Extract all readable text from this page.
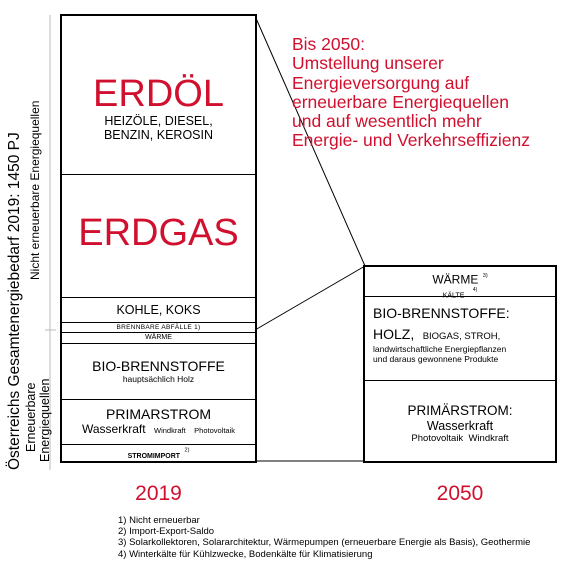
Österreichs Gesamtenergiebedarf 2019: 1450 PJ Nicht erneuerbare Energiequellen
Erneuerbare Energiequellen
ERDÖL
HEIZÖLE, DIESEL,
BENZIN, KEROSIN
ERDGAS
KOHLE, KOKS
BRENNBARE ABFÄLLE 1)
WÄRME
BIO-BRENNSTOFFE
hauptsächlich Holz
PRIMARSTROM
Wasserkraft Windkraft Photovoltaik
STROMIMPORT $^{2)}$
WÄRME $^{3)}$
KÄLTE $^{4)}$
BIO-BRENNSTOFFE:
HOLZ, BIOGAS, STROH,
landwirtschaftliche Energiepflanzen
und daraus gewonnene Produkte
PRIMÄRSTROM:
Wasserkraft
Photovoltaik  Windkraft
Bis 2050:
Umstellung unserer
Energieversorgung auf
erneuerbare Energiequellen
und auf wesentlich mehr
Energie- und Verkehrseffizienz
2019	2050
1) Nicht erneuerbar
2) Import-Export-Saldo
3) Solarkollektoren, Solararchitektur, Wärmepumpen (erneuerbare Energie als Basis), Geothermie
4) Winterkälte für Kühlzwecke, Bodenkälte für Klimatisierung
